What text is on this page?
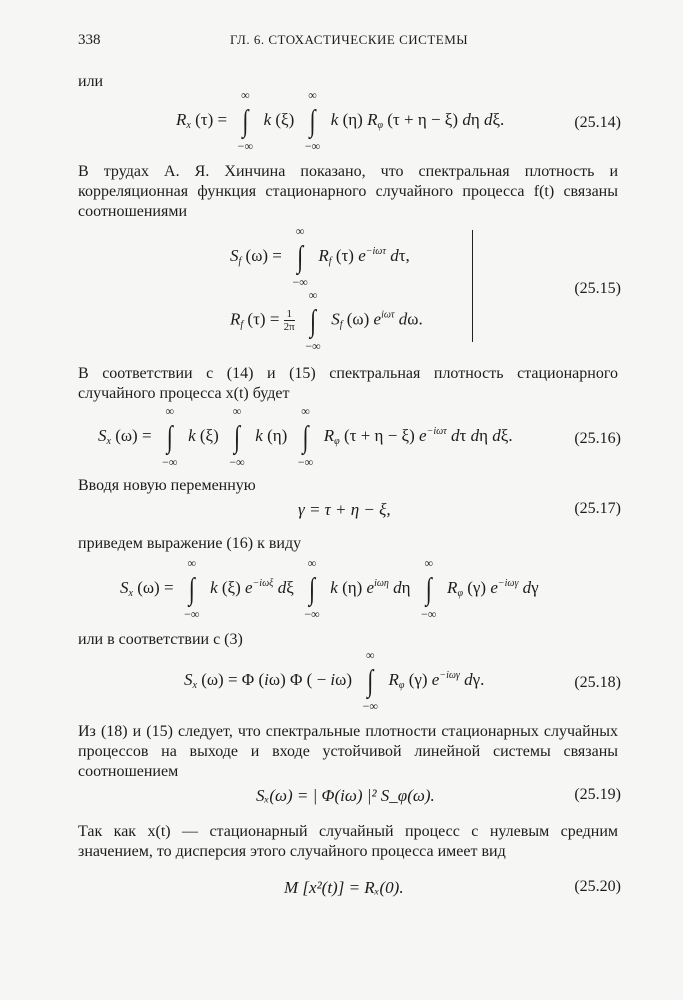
338	ГЛ. 6. СТОХАСТИЧЕСКИЕ СИСТЕМЫ
или
$R_x$ (τ) =
∞
∫
−∞
k (ξ)
∞
∫
−∞
k (η) $R_\varphi$ (τ + η − ξ) dη dξ.	(25.14)
В трудах А. Я. Хинчина показано, что спектральная плотность и корреляционная функция стационарного случайного процесса f(t) связаны соотношениями
$S_f$ (ω) =
∞
∫
−∞
$R_f$ (τ) $e^{-i\omega\tau}$ dτ,
$R_f$ $(\tau) = \frac{1}{2\pi}$
∞
∫
−∞
$S_f$ (ω) $e^{i\omega\tau}$ dω.
(25.15)
В соответствии с (14) и (15) спектральная плотность стационарного случайного процесса x(t) будет
$S_x$ (ω) =
∞
∫
−∞
k (ξ)
∞
∫
−∞
k (η)
∞
∫
−∞
$R_\varphi$ (τ + η − ξ) $e^{-i\omega\tau}$ dτ dη dξ.	(25.16)
Вводя новую переменную
γ = τ + η − ξ,	(25.17)
приведем выражение (16) к виду
$S_x$ (ω) =
∞
∫
−∞
k (ξ) $e^{-i\omega\xi}$ dξ
∞
∫
−∞
k (η) $e^{i\omega\eta}$ dη
∞
∫
−∞
$R_\varphi$ (γ) $e^{-i\omega\gamma}$ dγ
или в соответствии с (3)
$S_x$ (ω) = Φ (iω) Φ ( − iω)
∞
∫
−∞
$R_\varphi$ (γ) $e^{-i\omega\gamma}$ dγ.	(25.18)
Из (18) и (15) следует, что спектральные плотности стационарных случайных процессов на выходе и входе устойчивой линейной системы связаны соотношением
Sₓ(ω) = | Φ(iω) |² S_φ(ω).	(25.19)
Так как x(t) — стационарный случайный процесс с нулевым средним значением, то дисперсия этого случайного процесса имеет вид
M [x²(t)] = Rₓ(0).	(25.20)
